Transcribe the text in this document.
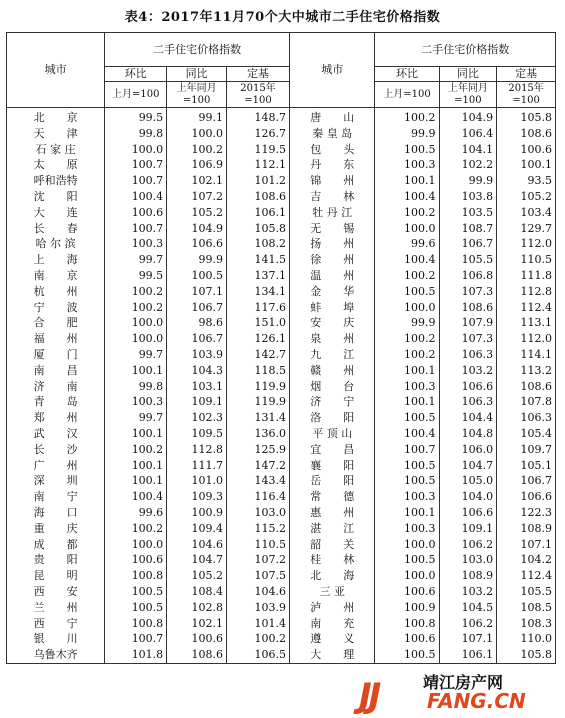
表4：2017年11月70个大中城市二手住宅价格指数
城市	二手住宅价格指数			城市	二手住宅价格指数		
	环比	同比	定基		环比	同比	定基
	上月=100	上年同月=100	2015年=100		上月=100	上年同月=100	2015年=100
北　　京	99.5	99.1	148.7	唐　　山	100.2	104.9	105.8
天　　津	99.8	100.0	126.7	秦 皇 岛	99.9	106.4	108.6
石 家 庄	100.0	100.2	119.5	包　　头	100.5	104.1	100.6
太　　原	100.7	106.9	112.1	丹　　东	100.3	102.2	100.1
呼和浩特	100.7	102.1	101.2	锦　　州	100.1	99.9	93.5
沈　　阳	100.4	107.2	108.6	吉　　林	100.4	103.8	105.2
大　　连	100.6	105.2	106.1	牡 丹 江	100.2	103.5	103.4
长　　春	100.7	104.9	105.8	无　　锡	100.0	108.7	129.7
哈 尔 滨	100.3	106.6	108.2	扬　　州	99.6	106.7	112.0
上　　海	99.7	99.9	141.5	徐　　州	100.4	105.5	110.5
南　　京	99.5	100.5	137.1	温　　州	100.2	106.8	111.8
杭　　州	100.2	107.1	134.1	金　　华	100.5	107.3	112.8
宁　　波	100.2	106.7	117.6	蚌　　埠	100.0	108.6	112.4
合　　肥	100.0	98.6	151.0	安　　庆	99.9	107.9	113.1
福　　州	100.0	106.7	126.1	泉　　州	100.2	107.3	112.0
厦　　门	99.7	103.9	142.7	九　　江	100.2	106.3	114.1
南　　昌	100.1	104.3	118.5	赣　　州	100.1	103.2	113.2
济　　南	99.8	103.1	119.9	烟　　台	100.3	106.6	108.6
青　　岛	100.3	109.1	119.9	济　　宁	100.1	106.3	107.8
郑　　州	99.7	102.3	131.4	洛　　阳	100.5	104.4	106.3
武　　汉	100.1	109.5	136.0	平 顶 山	100.4	104.8	105.4
长　　沙	100.2	112.8	125.9	宜　　昌	100.7	106.0	109.7
广　　州	100.1	111.7	147.2	襄　　阳	100.5	104.7	105.1
深　　圳	100.1	101.0	143.4	岳　　阳	100.5	105.0	106.7
南　　宁	100.4	109.3	116.4	常　　德	100.3	104.0	106.6
海　　口	99.6	100.9	103.0	惠　　州	100.1	106.6	122.3
重　　庆	100.2	109.4	115.2	湛　　江	100.3	109.1	108.9
成　　都	100.0	104.6	110.5	韶　　关	100.0	106.2	107.1
贵　　阳	100.6	104.7	107.2	桂　　林	100.5	103.0	104.2
昆　　明	100.8	105.2	107.5	北　　海	100.0	108.9	112.4
西　　安	100.5	108.4	104.6	三 亚	100.6	103.2	105.5
兰　　州	100.5	102.8	103.9	泸　　州	100.9	104.5	108.5
西　　宁	100.8	102.1	101.4	南　　充	100.8	106.2	108.3
银　　川	100.7	100.6	100.2	遵　　义	100.6	107.1	110.0
乌鲁木齐	101.8	108.6	106.5	大　　理	100.5	106.1	105.8
JJ	靖江房产网
FANG.CN
